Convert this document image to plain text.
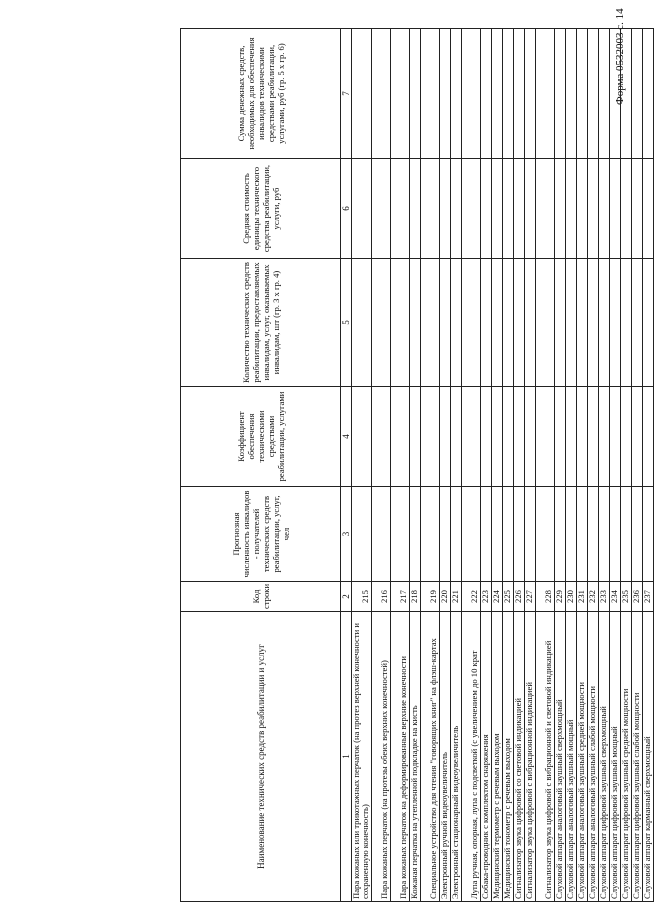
Форма 0532003 с. 14
Наименование технических средств реабилитации и услуг	Код строки	Прогнозная численность инвалидов - получателей технических средств реабилитации, услуг, чел	Коэффициент обеспечения техническими средствами реабилитации, услугами	Количество технических средств реабилитации, предоставляемых инвалидам, услуг, оказываемых инвалидам, шт (гр. 3 x гр. 4)	Средняя стоимость единицы технического средства реабилитации, услуги, руб	Сумма денежных средств, необходимых для обеспечения инвалидов техническими средствами реабилитации, услугами, руб (гр. 5 x гр. 6)
1	2	3	4	5	6	7
Пара кожаных или трикотажных перчаток (на протез верхней конечности и сохраненную конечность)	215					
Пара кожаных перчаток (на протезы обеих верхних конечностей)	216					
Пара кожаных перчаток на деформированные верхние конечности	217					
Кожаная перчатка на утепленной подкладке на кисть	218					
Специальное устройство для чтения "говорящих книг" на флэш-картах	219					
Электронный ручной видеоувеличитель	220					
Электронный стационарный видеоувеличитель	221					
Лупа ручная, опорная, лупа с подсветкой (с увеличением до 10 крат	222					
Собака-проводник с комплектом снаряжения	223					
Медицинский термометр с речевым выходом	224					
Медицинский тонометр с речевым выходом	225					
Сигнализатор звука цифровой со световой индикацией	226					
Сигнализатор звука цифровой с вибрационной индикацией	227					
Сигнализатор звука цифровой с вибрационной и световой индикацией	228					
Слуховой аппарат аналоговый заушный сверхмощный	229					
Слуховой аппарат аналоговый заушный мощный	230					
Слуховой аппарат аналоговый заушный средней мощности	231					
Слуховой аппарат аналоговый заушный слабой мощности	232					
Слуховой аппарат цифровой заушный сверхмощный	233					
Слуховой аппарат цифровой заушный мощный	234					
Слуховой аппарат цифровой заушный средней мощности	235					
Слуховой аппарат цифровой заушный слабой мощности	236					
Слуховой аппарат карманный сверхмощный	237					
